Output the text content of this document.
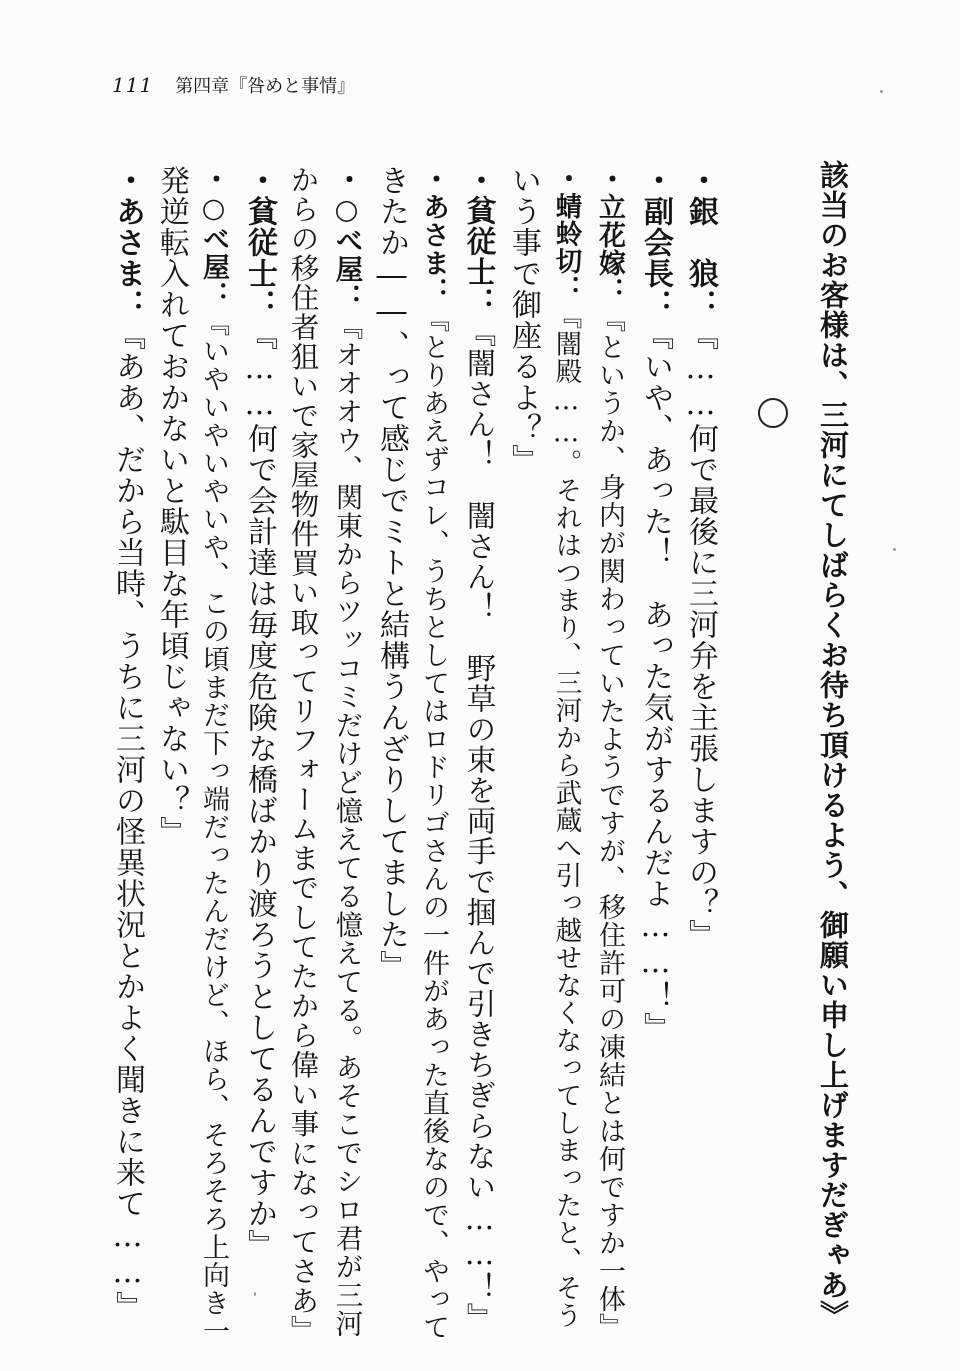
111 第四章『咎めと事情』
該当のお客様は、三河にてしばらくお待ち頂けるよう、御願い申し上げますだぎゃあ》
・銀　狼：『……何で最後に三河弁を主張しますの？』
・副会長：『いや、あった！　あった気がするんだよ……！』
・立花嫁：『というか、身内が関わっていたようですが、移住許可の凍結とは何ですか一体』
・蜻蛉切：『闇殿……。それはつまり、三河から武蔵へ引っ越せなくなってしまったと、そう
いう事で御座るよ？』
・貧従士：『闇さん！　闇さん！　野草の束を両手で掴んで引きちぎらない……！』
・あさま：『とりあえずコレ、うちとしてはロドリゴさんの一件があった直後なので、やって
きたか――、って感じでミトと結構うんざりしてました』
・○べ屋：『オオオウ、関東からツッコミだけど憶えてる憶えてる。あそこでシロ君が三河
からの移住者狙いで家屋物件買い取ってリフォームまでしてたから偉い事になってさあ』
・貧従士：『……何で会計達は毎度危険な橋ばかり渡ろうとしてるんですか』
・○べ屋：『いやいやいやいや、この頃まだ下っ端だったんだけど、ほら、そろそろ上向き一
発逆転入れておかないと駄目な年頃じゃない？』
・あさま：『ああ、だから当時、うちに三河の怪異状況とかよく聞きに来て……』
